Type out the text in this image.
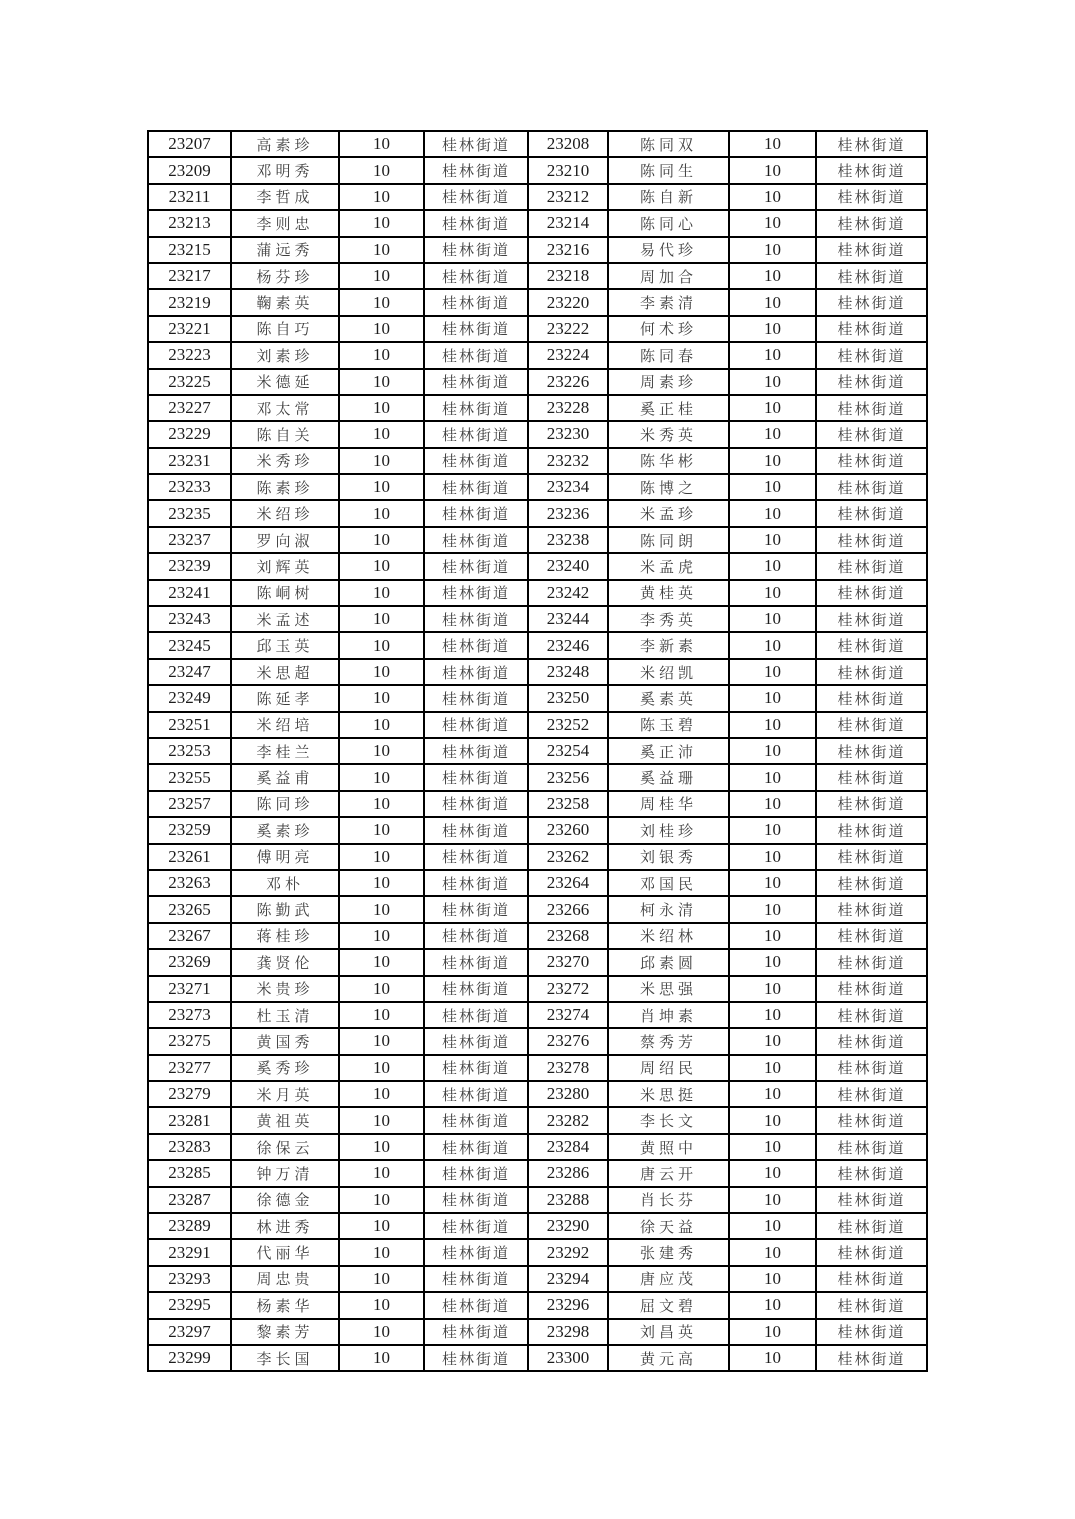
23207	高素珍	10	桂林街道	23208	陈同双	10	桂林街道
23209	邓明秀	10	桂林街道	23210	陈同生	10	桂林街道
23211	李哲成	10	桂林街道	23212	陈自新	10	桂林街道
23213	李则忠	10	桂林街道	23214	陈同心	10	桂林街道
23215	蒲远秀	10	桂林街道	23216	易代珍	10	桂林街道
23217	杨芬珍	10	桂林街道	23218	周加合	10	桂林街道
23219	鞠素英	10	桂林街道	23220	李素清	10	桂林街道
23221	陈自巧	10	桂林街道	23222	何术珍	10	桂林街道
23223	刘素珍	10	桂林街道	23224	陈同春	10	桂林街道
23225	米德延	10	桂林街道	23226	周素珍	10	桂林街道
23227	邓太常	10	桂林街道	23228	奚正桂	10	桂林街道
23229	陈自关	10	桂林街道	23230	米秀英	10	桂林街道
23231	米秀珍	10	桂林街道	23232	陈华彬	10	桂林街道
23233	陈素珍	10	桂林街道	23234	陈博之	10	桂林街道
23235	米绍珍	10	桂林街道	23236	米孟珍	10	桂林街道
23237	罗向淑	10	桂林街道	23238	陈同朗	10	桂林街道
23239	刘辉英	10	桂林街道	23240	米孟虎	10	桂林街道
23241	陈峒树	10	桂林街道	23242	黄桂英	10	桂林街道
23243	米孟述	10	桂林街道	23244	李秀英	10	桂林街道
23245	邱玉英	10	桂林街道	23246	李新素	10	桂林街道
23247	米思超	10	桂林街道	23248	米绍凯	10	桂林街道
23249	陈延孝	10	桂林街道	23250	奚素英	10	桂林街道
23251	米绍培	10	桂林街道	23252	陈玉碧	10	桂林街道
23253	李桂兰	10	桂林街道	23254	奚正沛	10	桂林街道
23255	奚益甫	10	桂林街道	23256	奚益珊	10	桂林街道
23257	陈同珍	10	桂林街道	23258	周桂华	10	桂林街道
23259	奚素珍	10	桂林街道	23260	刘桂珍	10	桂林街道
23261	傅明亮	10	桂林街道	23262	刘银秀	10	桂林街道
23263	邓朴	10	桂林街道	23264	邓国民	10	桂林街道
23265	陈勤武	10	桂林街道	23266	柯永清	10	桂林街道
23267	蒋桂珍	10	桂林街道	23268	米绍林	10	桂林街道
23269	龚贤伦	10	桂林街道	23270	邱素圆	10	桂林街道
23271	米贵珍	10	桂林街道	23272	米思强	10	桂林街道
23273	杜玉清	10	桂林街道	23274	肖坤素	10	桂林街道
23275	黄国秀	10	桂林街道	23276	蔡秀芳	10	桂林街道
23277	奚秀珍	10	桂林街道	23278	周绍民	10	桂林街道
23279	米月英	10	桂林街道	23280	米思挺	10	桂林街道
23281	黄祖英	10	桂林街道	23282	李长文	10	桂林街道
23283	徐保云	10	桂林街道	23284	黄照中	10	桂林街道
23285	钟万清	10	桂林街道	23286	唐云开	10	桂林街道
23287	徐德金	10	桂林街道	23288	肖长芬	10	桂林街道
23289	林进秀	10	桂林街道	23290	徐天益	10	桂林街道
23291	代丽华	10	桂林街道	23292	张建秀	10	桂林街道
23293	周忠贵	10	桂林街道	23294	唐应茂	10	桂林街道
23295	杨素华	10	桂林街道	23296	屈文碧	10	桂林街道
23297	黎素芳	10	桂林街道	23298	刘昌英	10	桂林街道
23299	李长国	10	桂林街道	23300	黄元高	10	桂林街道
